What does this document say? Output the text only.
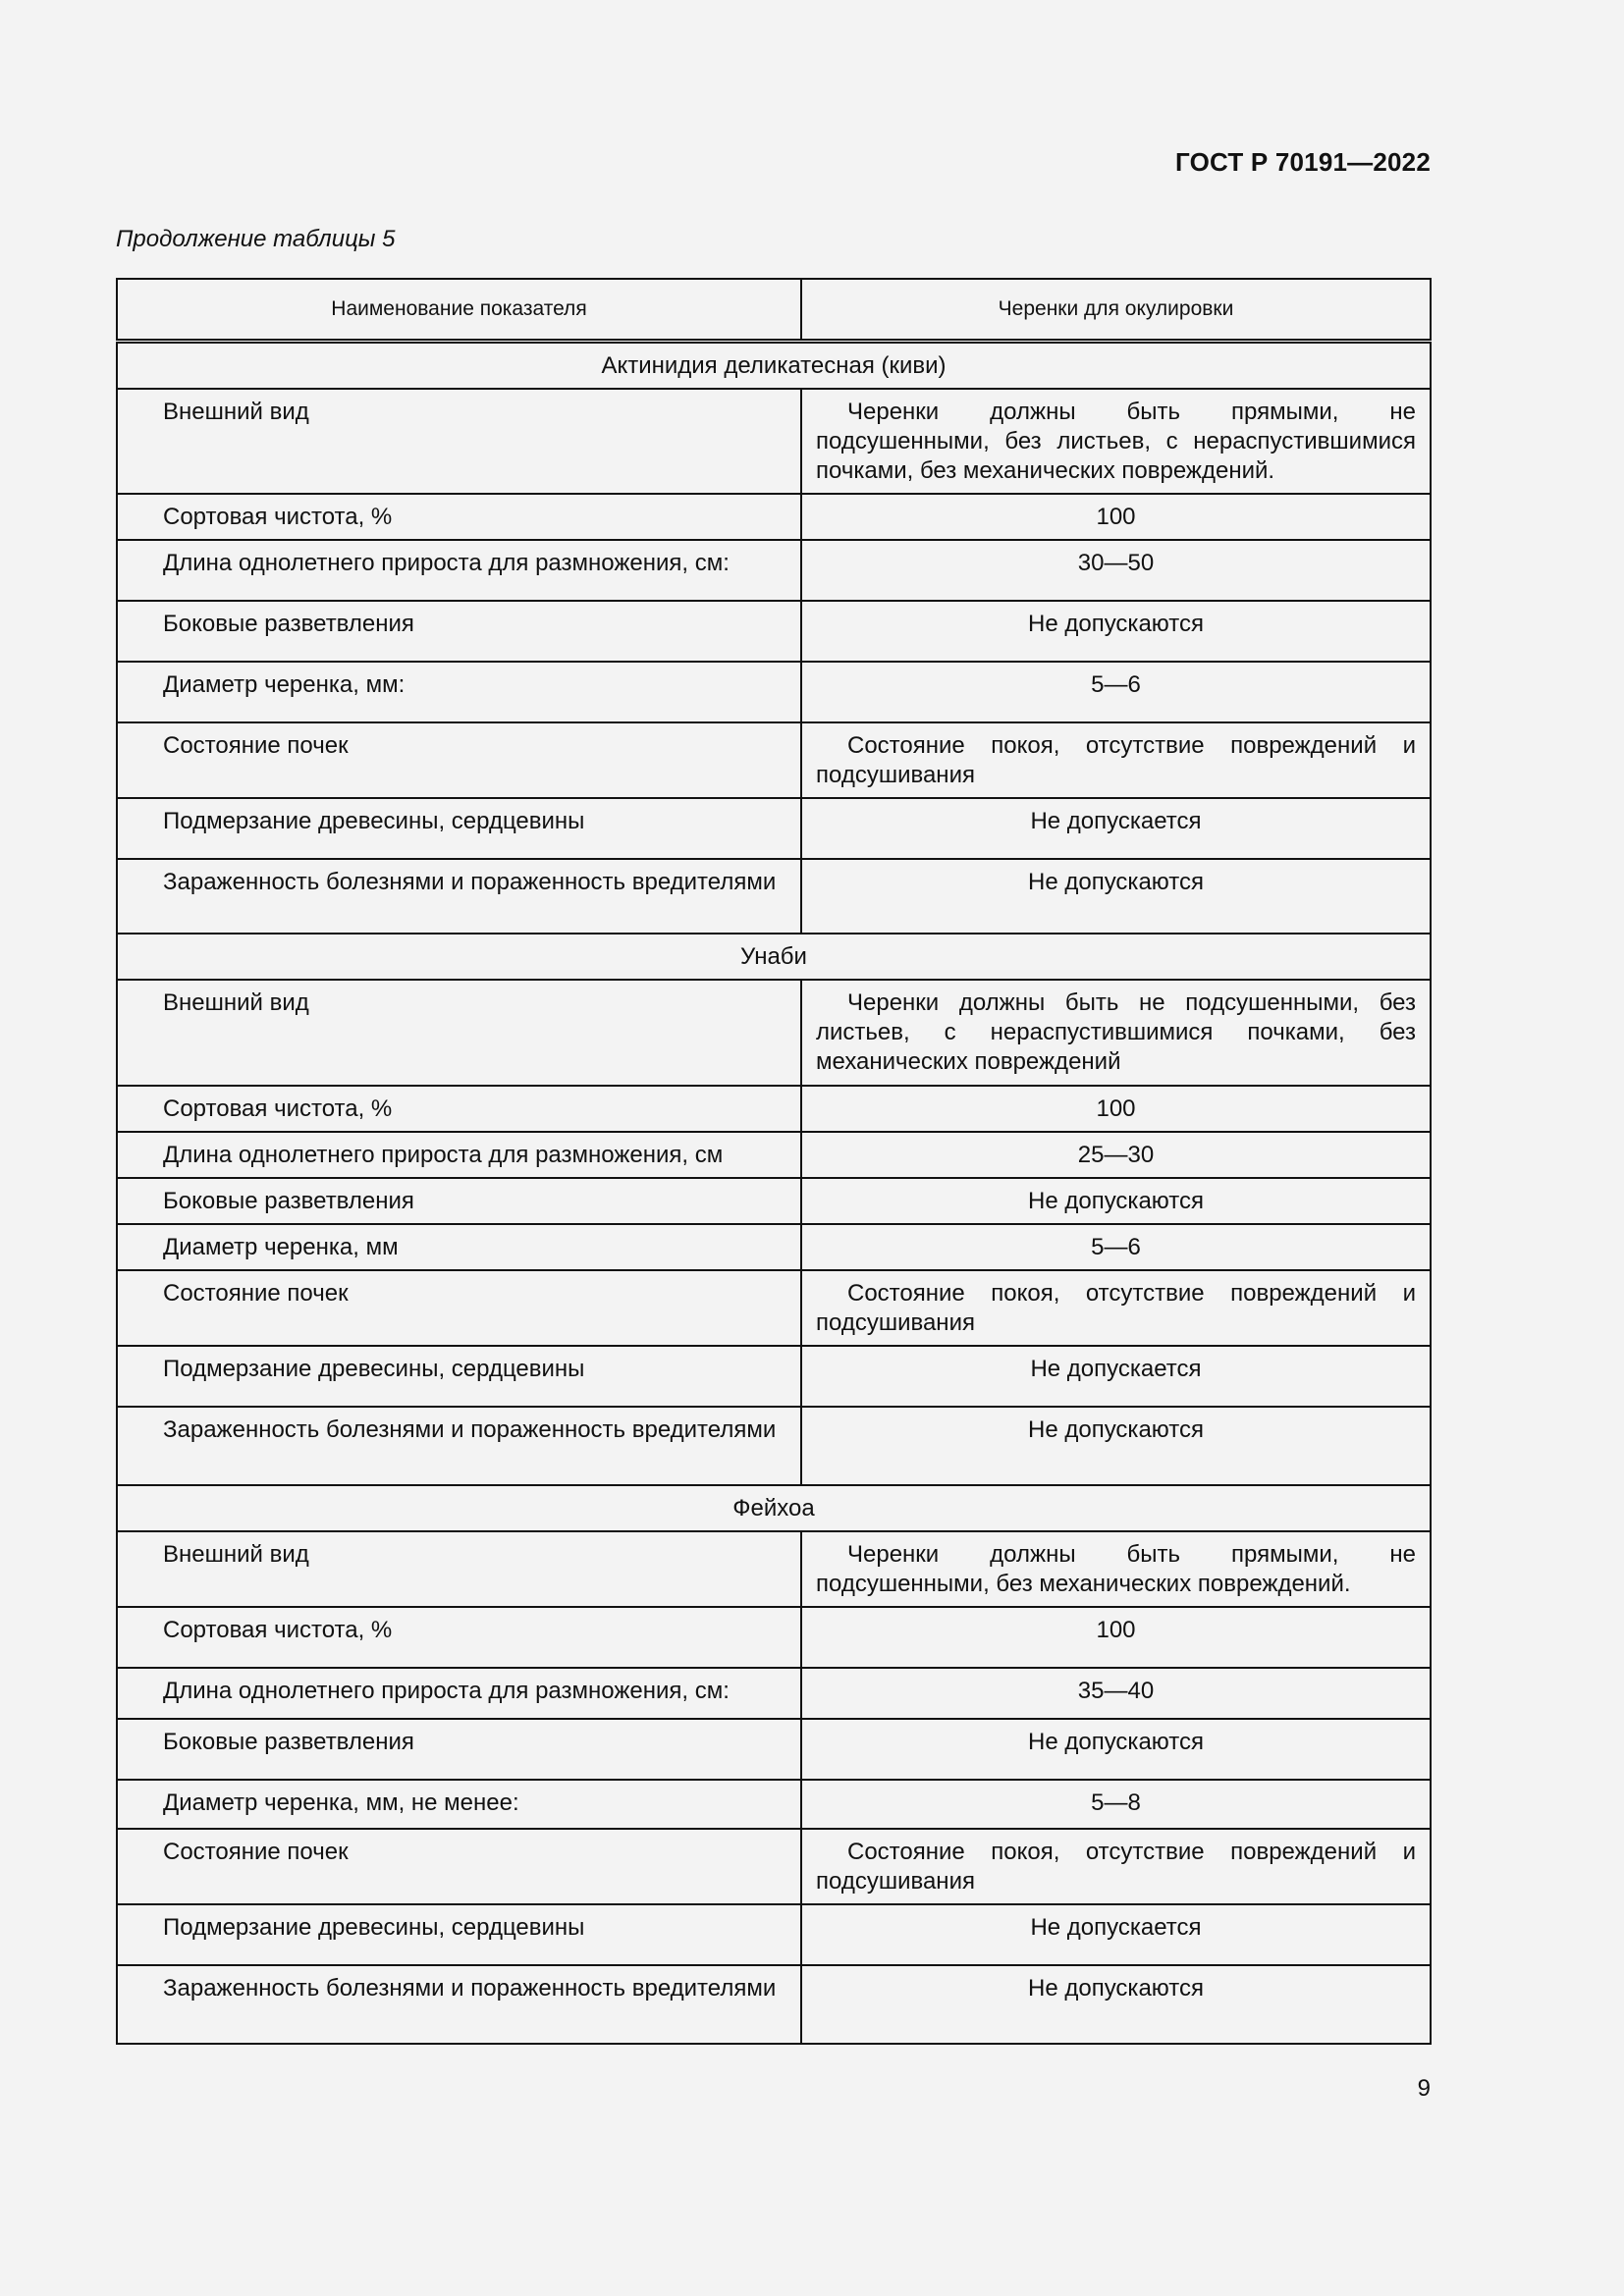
ГОСТ Р 70191—2022
Продолжение таблицы 5
Наименование показателя	Черенки для окулировки
Актинидия деликатесная (киви)	
Внешний вид	Черенки должны быть прямыми, не подсушенными, без листьев, с нераспустившимися почками, без механических повреждений.
Сортовая чистота, %	100
Длина однолетнего прироста для размножения, см:	30—50
Боковые разветвления	Не допускаются
Диаметр черенка, мм:	5—6
Состояние почек	Состояние покоя, отсутствие повреждений и подсушивания
Подмерзание древесины, сердцевины	Не допускается
Зараженность болезнями и пораженность вредителями	Не допускаются
Унаби	
Внешний вид	Черенки должны быть не подсушенными, без листьев, с нераспустившимися почками, без механических повреждений
Сортовая чистота, %	100
Длина однолетнего прироста для размножения, см	25—30
Боковые разветвления	Не допускаются
Диаметр черенка, мм	5—6
Состояние почек	Состояние покоя, отсутствие повреждений и подсушивания
Подмерзание древесины, сердцевины	Не допускается
Зараженность болезнями и пораженность вредителями	Не допускаются
Фейхоа	
Внешний вид	Черенки должны быть прямыми, не подсушенными, без механических повреждений.
Сортовая чистота, %	100
Длина однолетнего прироста для размножения, см:	35—40
Боковые разветвления	Не допускаются
Диаметр черенка, мм, не менее:	5—8
Состояние почек	Состояние покоя, отсутствие повреждений и подсушивания
Подмерзание древесины, сердцевины	Не допускается
Зараженность болезнями и пораженность вредителями	Не допускаются
9
